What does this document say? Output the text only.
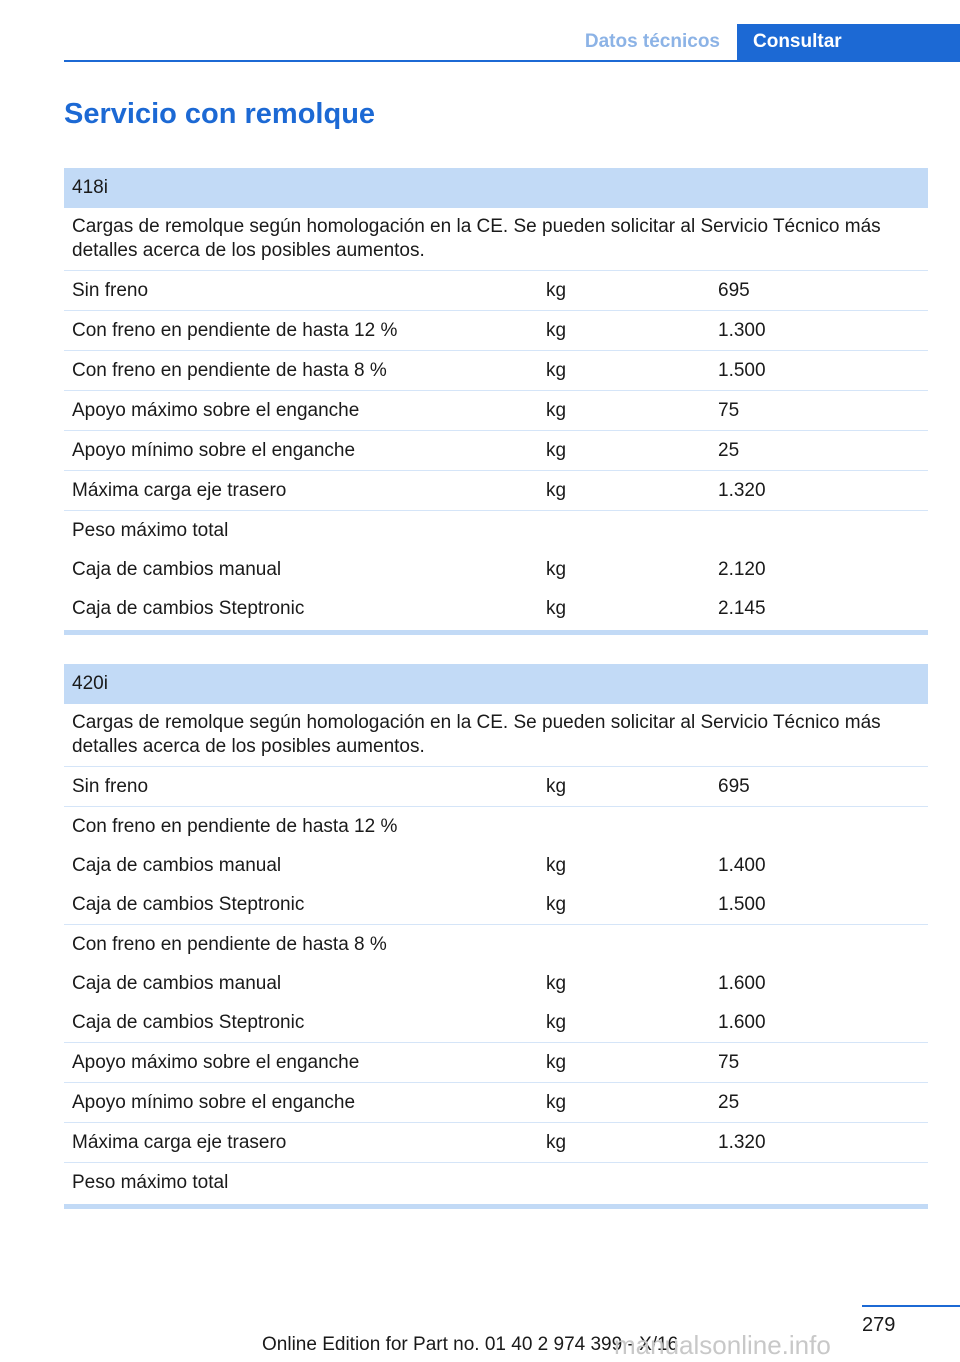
Datos técnicos	Consultar
Servicio con remolque
418i		
Cargas de remolque según homologación en la CE. Se pueden solicitar al Servicio Técnico más detalles acerca de los posibles aumentos.		
Sin freno	kg	695
Con freno en pendiente de hasta 12 %	kg	1.300
Con freno en pendiente de hasta 8 %	kg	1.500
Apoyo máximo sobre el enganche	kg	75
Apoyo mínimo sobre el enganche	kg	25
Máxima carga eje trasero	kg	1.320
Peso máximo total		
Caja de cambios manual	kg	2.120
Caja de cambios Steptronic	kg	2.145
420i		
Cargas de remolque según homologación en la CE. Se pueden solicitar al Servicio Técnico más detalles acerca de los posibles aumentos.		
Sin freno	kg	695
Con freno en pendiente de hasta 12 %		
Caja de cambios manual	kg	1.400
Caja de cambios Steptronic	kg	1.500
Con freno en pendiente de hasta 8 %		
Caja de cambios manual	kg	1.600
Caja de cambios Steptronic	kg	1.600
Apoyo máximo sobre el enganche	kg	75
Apoyo mínimo sobre el enganche	kg	25
Máxima carga eje trasero	kg	1.320
Peso máximo total		
279
Online Edition for Part no. 01 40 2 974 399 - X/16
manualsonline.info
